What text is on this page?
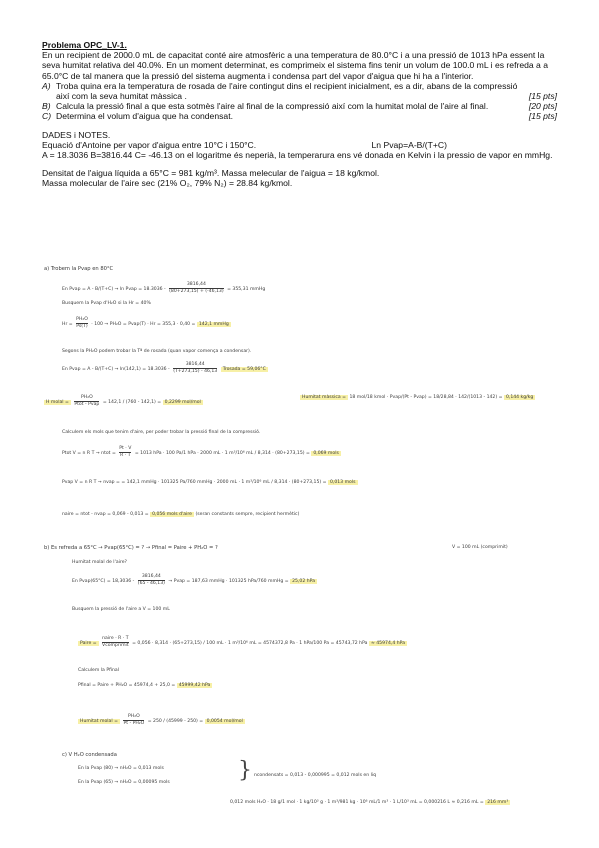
Problema OPC_LV-1.
En un recipient de 2000.0 mL de capacitat conté aire atmosfèric a una temperatura de 80.0°C i a una pressió de 1013 hPa essent la seva humitat relativa del 40.0%. En un moment determinat, es comprimeix el sistema fins tenir un volum de 100.0 mL i es refreda a a 65.0°C de tal manera que la pressió del sistema augmenta i condensa part del vapor d'aigua que hi ha a l'interior.
A) Troba quina era la temperatura de rosada de l'aire contingut dins el recipient inicialment, es a dir, abans de la compressió així com la seva humitat màssica .	[15 pts]
B) Calcula la pressió final a que esta sotmès l'aire al final de la compressió així com la humitat molal de l'aire al final.	[20 pts]
C) Determina el volum d'aigua que ha condensat.	[15 pts]
DADES i NOTES.
Equació d'Antoine per vapor d'aigua entre 10°C i 150°C.	Ln Pvap=A-B/(T+C)
A = 18.3036 B=3816.44 C= -46.13 on el logaritme és neperià, la temperarura ens vé donada en Kelvin i la pressio de vapor en mmHg.
Densitat de l'aigua líquida a 65°C = 981 kg/m³. Massa melecular de l'aigua = 18 kg/kmol.
Massa molecular de l'aire sec (21% O₂, 79% N₂) = 28.84 kg/kmol.
a) Trobem la Pvap en 80°C
En Pvap = A - B/(T+C) → ln Pvap = $18.3036 - \frac{3816,44}{(80+273,15) + (-46,13)} = 355,31$ mmHg
Busquem la Pvap d'H₂O si la Hr = 40%
$Hr = \frac{\text{PH₂O}}{Ps(T)} \cdot 100 \to PH_2O$ = Pvap(T) · Hr = 355,3 · 0,40 = 142,1 mmHg
Segons la PH₂O podem trobar la Tª de rosada (quan vapor comença a condensar).
En Pvap = $A - B/(T+C) \to \ln(142,1) = 18.3036 - \frac{3816,44}{(T+273,15) - 46,13}$ Trosada = 59,06°C
H molal = $\frac{\text{PH₂O}}{\text{Ptot - Pvap}} = 142,1 / (760 - 142,1) = 0,2299$ mol/mol
Humitat màssica = 18 mol/18 kmol · Pvap/(Pt - Pvap) = 18/28,84 · 142/(1013 - 142) = 0,144 kg/kg
Calculem els mols que tenim d'aire, per poder trobar la pressió final de la compressió.
Ptot V = n R T → ntot = $\frac{Pt \cdot V}{R \cdot T} = 1013$ hPa · 100 Pa/1 hPa · 2000 mL · 1 m³/10⁶ mL / 8,314 · (80+273,15) = 0,069 mols
Pvap V = n R T → nvap = = 142,1 mmHg · 101325 Pa/760 mmHg · 2000 mL · 1 m³/10⁶ mL / 8,314 · (80+273,15) = 0,013 mols
naire = ntot - nvap = 0,069 - 0,013 = 0,056 mols d'aire (seran constants sempre, recipient hermètic)
b) Es refreda a 65°C → Pvap(65°C) = ? → Pfinal = Paire + PH₂O = ?	V = 100 mL (comprimit)
Humitat molal de l'aire?
En Pvap(65°C) = $18,3036 - \frac{3816,44}{(65 - 46,13)}$ → Pvap = 187,63 mmHg · 101325 hPa/760 mmHg = 25,02 hPa
Busquem la pressió de l'aire a V = 100 mL
Paire = $\frac{\text{naire · R · T}}{\text{Vcomprimit}} = 0,056 \cdot 8,314 \cdot (65+273,15) / 100$ mL · 1 m³/10⁶ mL = 4574372,8 Pa · 1 hPa/100 Pa = 45743,72 hPa ≈ 45974,4 hPa
Calculem la Pfinal
Pfinal = Paire + PH₂O = 45974,4 + 25,0 = 45999,42 hPa
Humitat molal = $\frac{\text{PH₂O}}{\text{Pt - PH₂O}} = 250 / (45999 - 250) = 0,0054$ mol/mol
c) V H₂O condensada
En la Pvap (80) → nH₂O = 0,013 mols
En la Pvap (65) → nH₂O = 0,00095 mols	} ncondensats = 0,013 - 0,000995 = 0,012 mols en liq
0,012 mols H₂O · 18 g/1 mol · 1 kg/10³ g · 1 m³/981 kg · 10⁶ mL/1 m³ · 1 L/10³ mL = 0,000216 L ≈ 0,216 mL = 216 mm³
